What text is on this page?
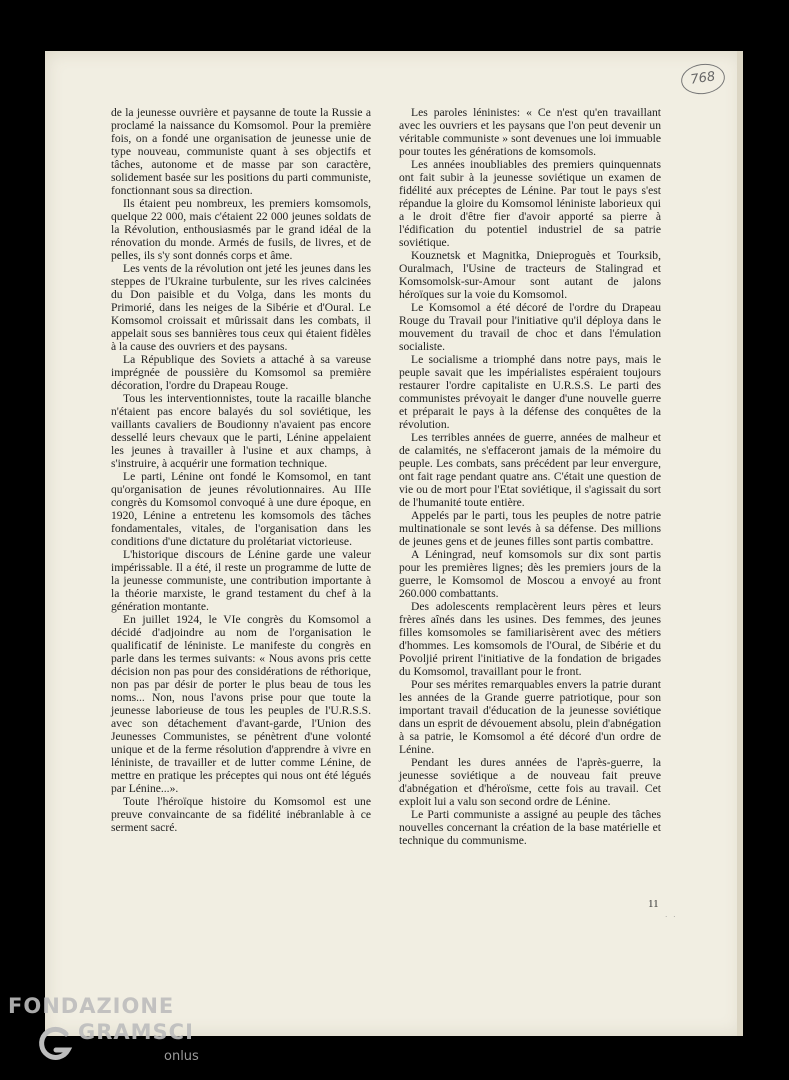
768

de la jeunesse ouvrière et paysanne de toute la Russie a proclamé la naissance du Komsomol. Pour la première fois, on a fondé une organisation de jeunesse unie de type nouveau, communiste quant à ses objectifs et tâches, autonome et de masse par son caractère, solidement basée sur les positions du parti communiste, fonctionnant sous sa direction.

Ils étaient peu nombreux, les premiers komsomols, quelque 22 000, mais c'étaient 22 000 jeunes soldats de la Révolution, enthousiasmés par le grand idéal de la rénovation du monde. Armés de fusils, de livres, et de pelles, ils s'y sont donnés corps et âme.

Les vents de la révolution ont jeté les jeunes dans les steppes de l'Ukraine turbulente, sur les rives calcinées du Don paisible et du Volga, dans les monts du Primorié, dans les neiges de la Sibérie et d'Oural. Le Komsomol croissait et mûrissait dans les combats, il appelait sous ses bannières tous ceux qui étaient fidèles à la cause des ouvriers et des paysans.

La République des Soviets a attaché à sa vareuse imprégnée de poussière du Komsomol sa première décoration, l'ordre du Drapeau Rouge.

Tous les interventionnistes, toute la racaille blanche n'étaient pas encore balayés du sol soviétique, les vaillants cavaliers de Boudionny n'avaient pas encore dessellé leurs chevaux que le parti, Lénine appelaient les jeunes à travailler à l'usine et aux champs, à s'instruire, à acquérir une formation technique.

Le parti, Lénine ont fondé le Komsomol, en tant qu'organisation de jeunes révolutionnaires. Au IIIe congrès du Komsomol convoqué à une dure époque, en 1920, Lénine a entretenu les komsomols des tâches fondamentales, vitales, de l'organisation dans les conditions d'une dictature du prolétariat victorieuse.

L'historique discours de Lénine garde une valeur impérissable. Il a été, il reste un programme de lutte de la jeunesse communiste, une contribution importante à la théorie marxiste, le grand testament du chef à la génération montante.

En juillet 1924, le VIe congrès du Komsomol a décidé d'adjoindre au nom de l'organisation le qualificatif de léniniste. Le manifeste du congrès en parle dans les termes suivants: « Nous avons pris cette décision non pas pour des considérations de réthorique, non pas par désir de porter le plus beau de tous les noms... Non, nous l'avons prise pour que toute la jeunesse laborieuse de tous les peuples de l'U.R.S.S. avec son détachement d'avant-garde, l'Union des Jeunesses Communistes, se pénètrent d'une volonté unique et de la ferme résolution d'apprendre à vivre en léniniste, de travailler et de lutter comme Lénine, de mettre en pratique les préceptes qui nous ont été légués par Lénine...».

Toute l'héroïque histoire du Komsomol est une preuve convaincante de sa fidélité inébranlable à ce serment sacré.

Les paroles léninistes: « Ce n'est qu'en travaillant avec les ouvriers et les paysans que l'on peut devenir un véritable communiste » sont devenues une loi immuable pour toutes les générations de komsomols.

Les années inoubliables des premiers quinquennats ont fait subir à la jeunesse soviétique un examen de fidélité aux préceptes de Lénine. Par tout le pays s'est répandue la gloire du Komsomol léniniste laborieux qui a le droit d'être fier d'avoir apporté sa pierre à l'édification du potentiel industriel de sa patrie soviétique.

Kouznetsk et Magnitka, Dnieproguès et Tourksib, Ouralmach, l'Usine de tracteurs de Stalingrad et Komsomolsk-sur-Amour sont autant de jalons héroïques sur la voie du Komsomol.

Le Komsomol a été décoré de l'ordre du Drapeau Rouge du Travail pour l'initiative qu'il déploya dans le mouvement du travail de choc et dans l'émulation socialiste.

Le socialisme a triomphé dans notre pays, mais le peuple savait que les impérialistes espéraient toujours restaurer l'ordre capitaliste en U.R.S.S. Le parti des communistes prévoyait le danger d'une nouvelle guerre et préparait le pays à la défense des conquêtes de la révolution.

Les terribles années de guerre, années de malheur et de calamités, ne s'effaceront jamais de la mémoire du peuple. Les combats, sans précédent par leur envergure, ont fait rage pendant quatre ans. C'était une question de vie ou de mort pour l'Etat soviétique, il s'agissait du sort de l'humanité toute entière.

Appelés par le parti, tous les peuples de notre patrie multinationale se sont levés à sa défense. Des millions de jeunes gens et de jeunes filles sont partis combattre.

A Léningrad, neuf komsomols sur dix sont partis pour les premières lignes; dès les premiers jours de la guerre, le Komsomol de Moscou a envoyé au front 260.000 combattants.

Des adolescents remplacèrent leurs pères et leurs frères aînés dans les usines. Des femmes, des jeunes filles komsomoles se familiarisèrent avec des métiers d'hommes. Les komsomols de l'Oural, de Sibérie et du Povoljié prirent l'initiative de la fondation de brigades du Komsomol, travaillant pour le front.

Pour ses mérites remarquables envers la patrie durant les années de la Grande guerre patriotique, pour son important travail d'éducation de la jeunesse soviétique dans un esprit de dévouement absolu, plein d'abnégation à sa patrie, le Komsomol a été décoré d'un ordre de Lénine.

Pendant les dures années de l'après-guerre, la jeunesse soviétique a de nouveau fait preuve d'abnégation et d'héroïsme, cette fois au travail. Cet exploit lui a valu son second ordre de Lénine.

Le Parti communiste a assigné au peuple des tâches nouvelles concernant la création de la base matérielle et technique du communisme.

11
· ·
FONDAZIONE
GRAMSCI
onlus
